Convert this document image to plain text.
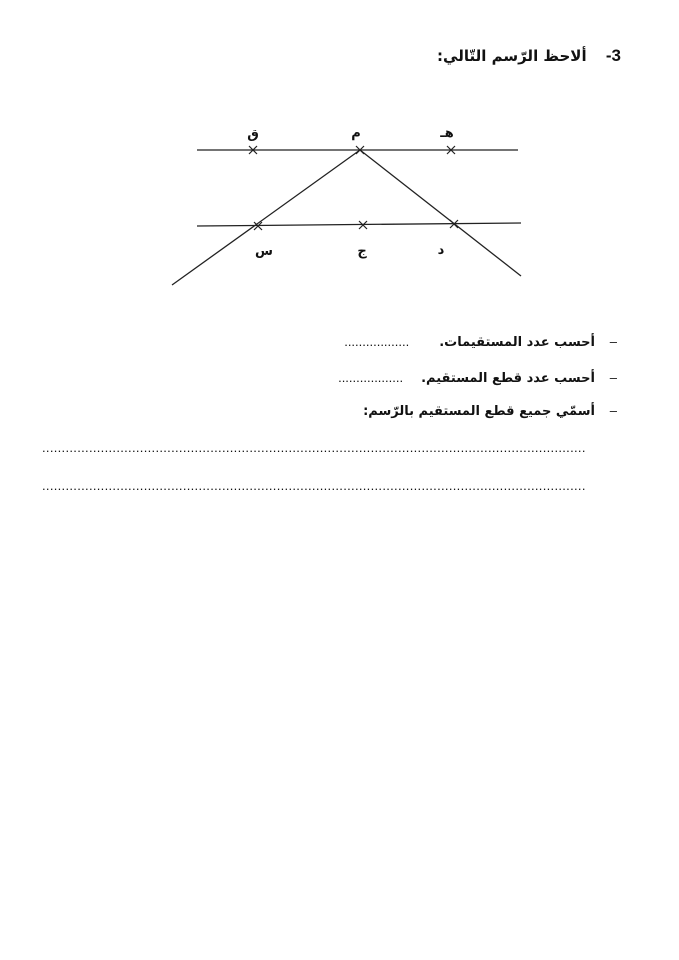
3- ألاحظ الرّسم التّالي:
ق	م	هـ
س	ج	د
–أحسب عدد المستقيمات...................
–أحسب عدد قطع المستقيم...................
–أسمّي جميع قطع المستقيم بالرّسم:
...........................................................................................................................................
...........................................................................................................................................
